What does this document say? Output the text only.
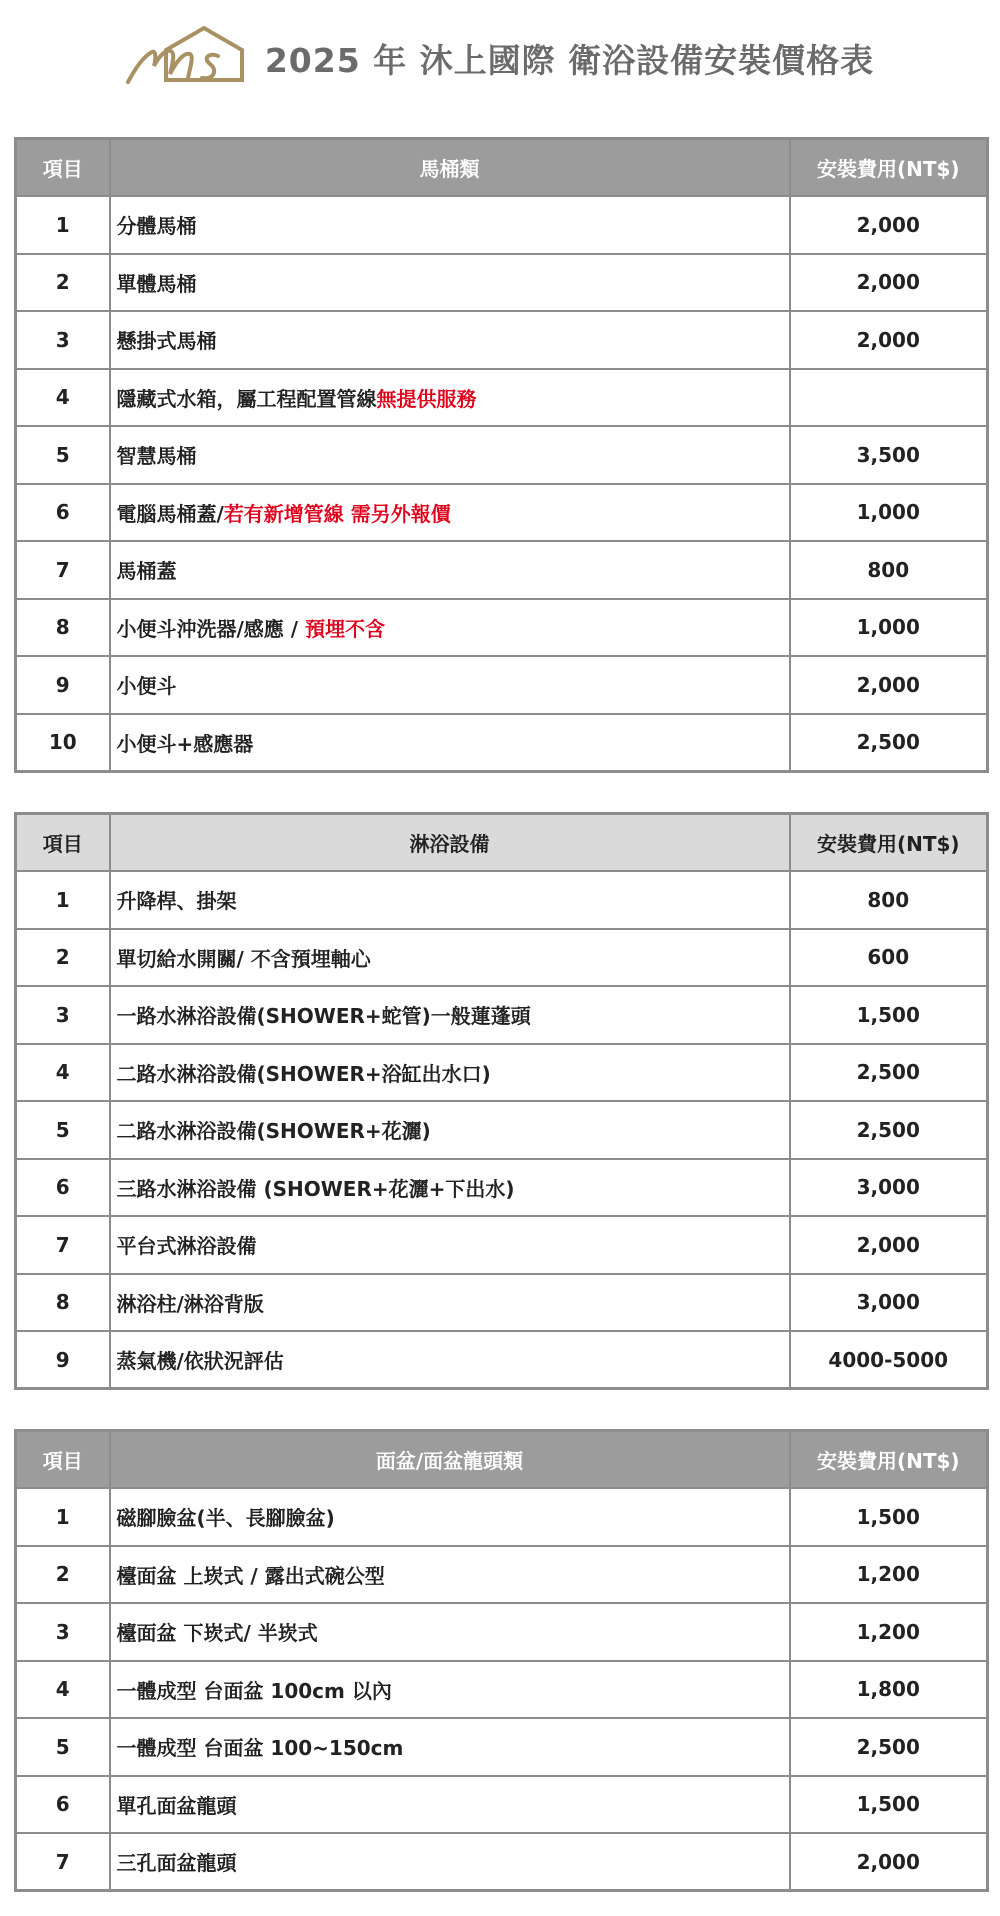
2025 年 沐上國際 衛浴設備安裝價格表
項目	馬桶類	安裝費用(NT$)
1	分體馬桶	2,000
2	單體馬桶	2,000
3	懸掛式馬桶	2,000
4	隱藏式水箱，屬工程配置管線無提供服務	
5	智慧馬桶	3,500
6	電腦馬桶蓋/若有新增管線 需另外報價	1,000
7	馬桶蓋	800
8	小便斗沖洗器/感應 / 預埋不含	1,000
9	小便斗	2,000
10	小便斗+感應器	2,500
項目	淋浴設備	安裝費用(NT$)
1	升降桿、掛架	800
2	單切給水開關/ 不含預埋軸心	600
3	一路水淋浴設備(SHOWER+蛇管)一般蓮蓬頭	1,500
4	二路水淋浴設備(SHOWER+浴缸出水口)	2,500
5	二路水淋浴設備(SHOWER+花灑)	2,500
6	三路水淋浴設備 (SHOWER+花灑+下出水)	3,000
7	平台式淋浴設備	2,000
8	淋浴柱/淋浴背版	3,000
9	蒸氣機/依狀況評估	4000-5000
項目	面盆/面盆龍頭類	安裝費用(NT$)
1	磁腳臉盆(半、長腳臉盆)	1,500
2	檯面盆 上崁式 / 露出式碗公型	1,200
3	檯面盆 下崁式/ 半崁式	1,200
4	一體成型 台面盆 100cm 以內	1,800
5	一體成型 台面盆 100~150cm	2,500
6	單孔面盆龍頭	1,500
7	三孔面盆龍頭	2,000
